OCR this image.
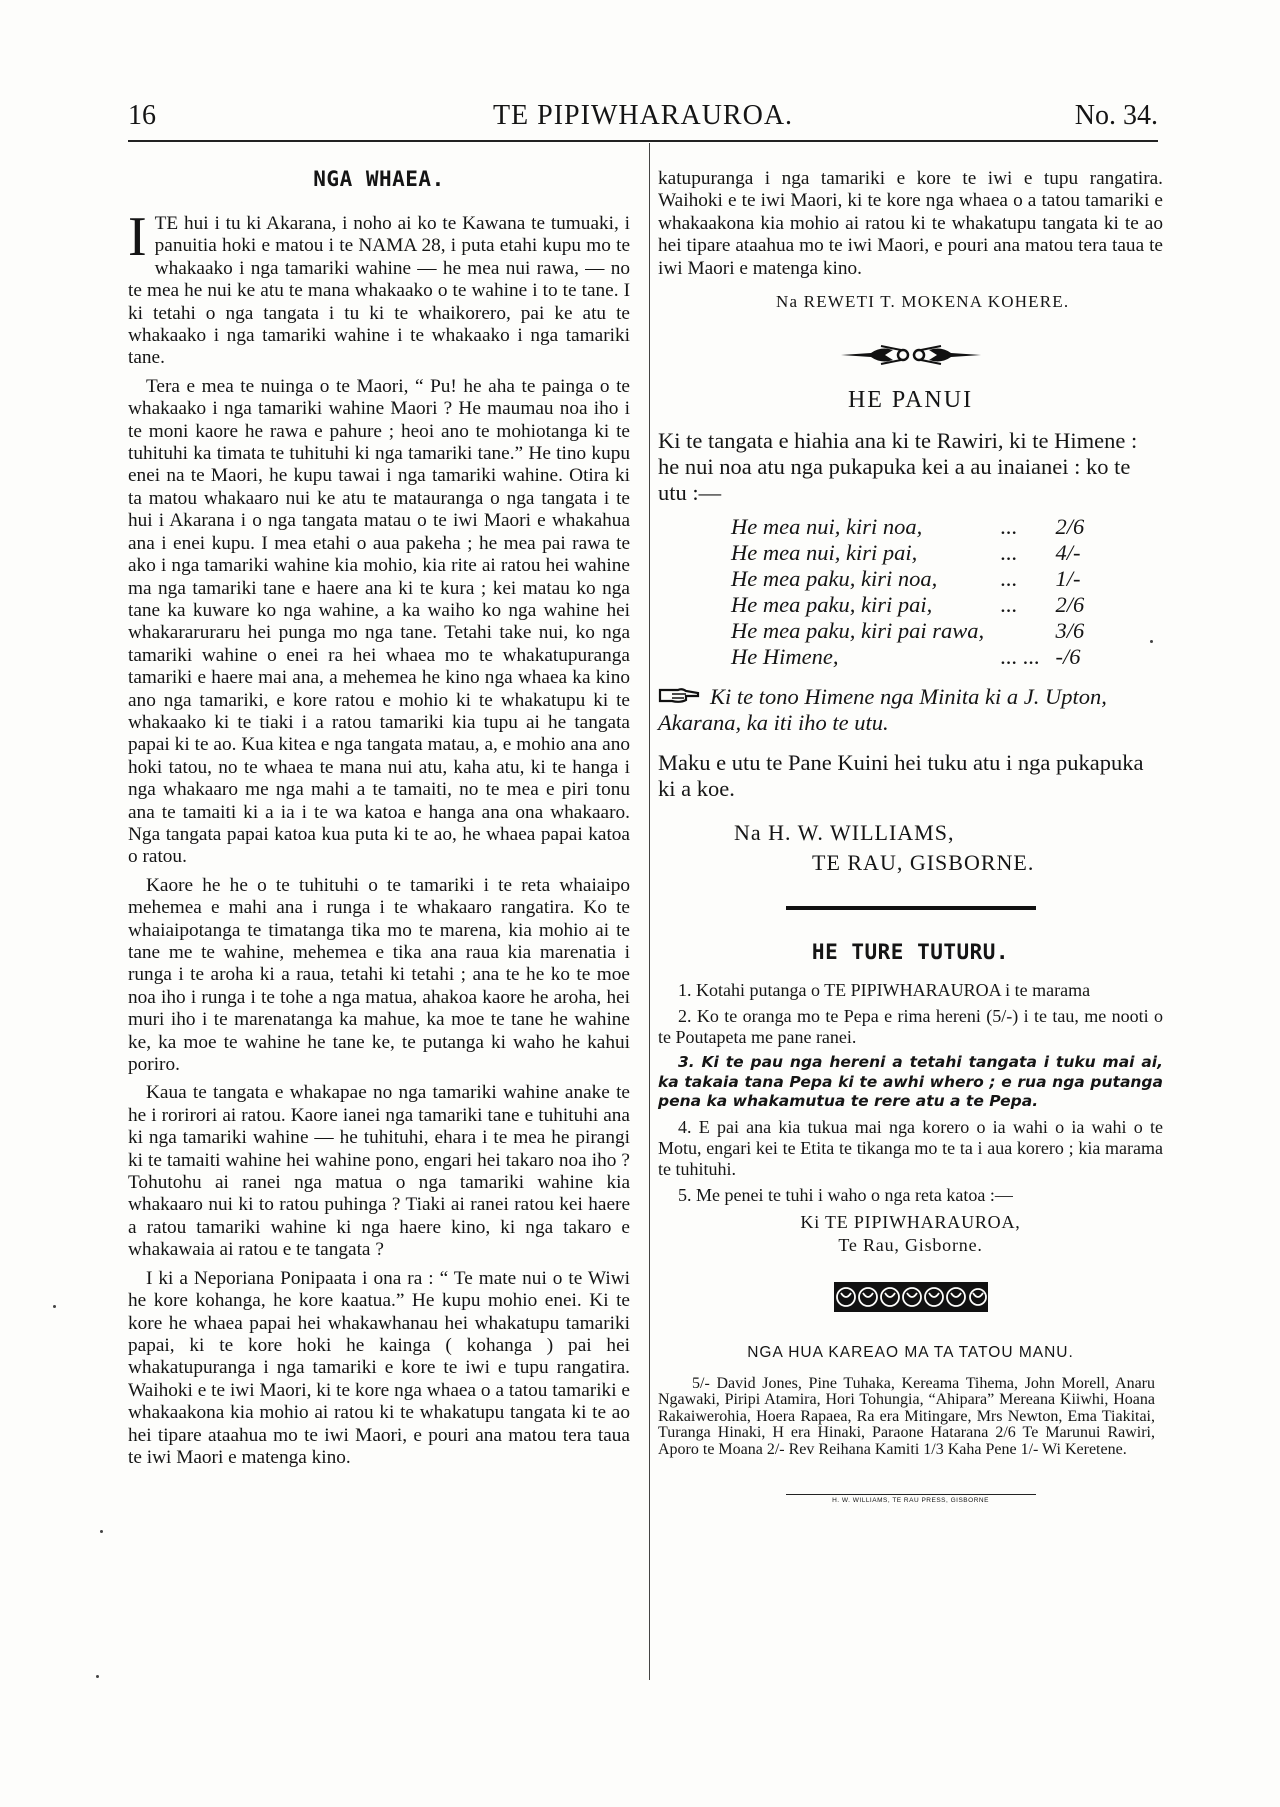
16	TE PIPIWHARAUROA.	No. 34.
NGA WHAEA.
I TE hui i tu ki Akarana, i noho ai ko te Kawana te tumuaki, i panuitia hoki e matou i te NAMA 28, i puta etahi kupu mo te whakaako i nga tamariki wahine — he mea nui rawa, — no te mea he nui ke atu te mana whakaako o te wahine i to te tane. I ki tetahi o nga tangata i tu ki te whaikorero, pai ke atu te whakaako i nga tamariki wahine i te whakaako i nga tamariki tane.

Tera e mea te nuinga o te Maori, “ Pu! he aha te painga o te whakaako i nga tamariki wahine Maori ? He maumau noa iho i te moni kaore he rawa e pahure ; heoi ano te mohiotanga ki te tuhituhi ka timata te tuhituhi ki nga tamariki tane.” He tino kupu enei na te Maori, he kupu tawai i nga tamariki wahine. Otira ki ta matou whakaaro nui ke atu te matauranga o nga tangata i te hui i Akarana i o nga tangata matau o te iwi Maori e whakahua ana i enei kupu. I mea etahi o aua pakeha ; he mea pai rawa te ako i nga tamariki wahine kia mohio, kia rite ai ratou hei wahine ma nga tamariki tane e haere ana ki te kura ; kei matau ko nga tane ka kuware ko nga wahine, a ka waiho ko nga wahine hei whakararuraru hei punga mo nga tane. Tetahi take nui, ko nga tamariki wahine o enei ra hei whaea mo te whakatupuranga tamariki e haere mai ana, a mehemea he kino nga whaea ka kino ano nga tamariki, e kore ratou e mohio ki te whakatupu ki te whakaako ki te tiaki i a ratou tamariki kia tupu ai he tangata papai ki te ao. Kua kitea e nga tangata matau, a, e mohio ana ano hoki tatou, no te whaea te mana nui atu, kaha atu, ki te hanga i nga whakaaro me nga mahi a te tamaiti, no te mea e piri tonu ana te tamaiti ki a ia i te wa katoa e hanga ana ona whakaaro. Nga tangata papai katoa kua puta ki te ao, he whaea papai katoa o ratou.

Kaore he he o te tuhituhi o te tamariki i te reta whaiaipo mehemea e mahi ana i runga i te whakaaro rangatira. Ko te whaiaipotanga te timatanga tika mo te marena, kia mohio ai te tane me te wahine, mehemea e tika ana raua kia marenatia i runga i te aroha ki a raua, tetahi ki tetahi ; ana te he ko te moe noa iho i runga i te tohe a nga matua, ahakoa kaore he aroha, hei muri iho i te marenatanga ka mahue, ka moe te tane he wahine ke, ka moe te wahine he tane ke, te putanga ki waho he kahui poriro.

Kaua te tangata e whakapae no nga tamariki wahine anake te he i rorirori ai ratou. Kaore ianei nga tamariki tane e tuhituhi ana ki nga tamariki wahine — he tuhituhi, ehara i te mea he pirangi ki te tamaiti wahine hei wahine pono, engari hei takaro noa iho ? Tohutohu ai ranei nga matua o nga tamariki wahine kia whakaaro nui ki to ratou puhinga ? Tiaki ai ranei ratou kei haere a ratou tamariki wahine ki nga haere kino, ki nga takaro e whakawaia ai ratou e te tangata ?

I ki a Neporiana Ponipaata i ona ra : “ Te mate nui o te Wiwi he kore kohanga, he kore kaatua.” He kupu mohio enei. Ki te kore he whaea papai hei whakawhanau hei whakatupu tamariki papai, ki te kore hoki he kainga ( kohanga ) pai hei whakatupuranga i nga tamariki e kore te iwi e tupu rangatira. Waihoki e te iwi Maori, ki te kore nga whaea o a tatou tamariki e whakaakona kia mohio ai ratou ki te whakatupu tangata ki te ao hei tipare ataahua mo te iwi Maori, e pouri ana matou tera taua te iwi Maori e matenga kino.

katupuranga i nga tamariki e kore te iwi e tupu rangatira. Waihoki e te iwi Maori, ki te kore nga whaea o a tatou tamariki e whakaakona kia mohio ai ratou ki te whakatupu tangata ki te ao hei tipare ataahua mo te iwi Maori, e pouri ana matou tera taua te iwi Maori e matenga kino.

Na REWETI T. MOKENA KOHERE.
HE PANUI

Ki te tangata e hiahia ana ki te Rawiri, ki te Himene : he nui noa atu nga pukapuka kei a au inaianei : ko te utu :—

He mea nui, kiri noa,	...	2/6
He mea nui, kiri pai,	...	4/-
He mea paku, kiri noa,	...	1/-
He mea paku, kiri pai,	...	2/6
He mea paku, kiri pai rawa,		3/6
He Himene,	... ...	-/6

Ki te tono Himene nga Minita ki a J. Upton, Akarana, ka iti iho te utu.

Maku e utu te Pane Kuini hei tuku atu i nga pukapuka ki a koe.

Na H. W. WILLIAMS,
TE RAU, GISBORNE.
HE TURE TUTURU.

1. Kotahi putanga o TE PIPIWHARAUROA i te marama

2. Ko te oranga mo te Pepa e rima hereni (5/-) i te tau, me nooti o te Poutapeta me pane ranei.

3. Ki te pau nga hereni a tetahi tangata i tuku mai ai, ka takaia tana Pepa ki te awhi whero ; e rua nga putanga pena ka whakamutua te rere atu a te Pepa.

4. E pai ana kia tukua mai nga korero o ia wahi o ia wahi o te Motu, engari kei te Etita te tikanga mo te ta i aua korero ; kia marama te tuhituhi.

5. Me penei te tuhi i waho o nga reta katoa :—

Ki TE PIPIWHARAUROA,
Te Rau, Gisborne.
NGA HUA KAREAO MA TA TATOU MANU.

5/- David Jones, Pine Tuhaka, Kereama Tihema, John Morell, Anaru Ngawaki, Piripi Atamira, Hori Tohungia, “Ahipara” Mereana Kiiwhi, Hoana Rakaiwerohia, Hoera Rapaea, Ra era Mitingare, Mrs Newton, Ema Tiakitai, Turanga Hinaki, H era Hinaki, Paraone Hatarana 2/6 Te Marunui Rawiri, Aporo te Moana 2/- Rev Reihana Kamiti 1/3 Kaha Pene 1/- Wi Keretene.

H. W. WILLIAMS, TE RAU PRESS, GISBORNE
